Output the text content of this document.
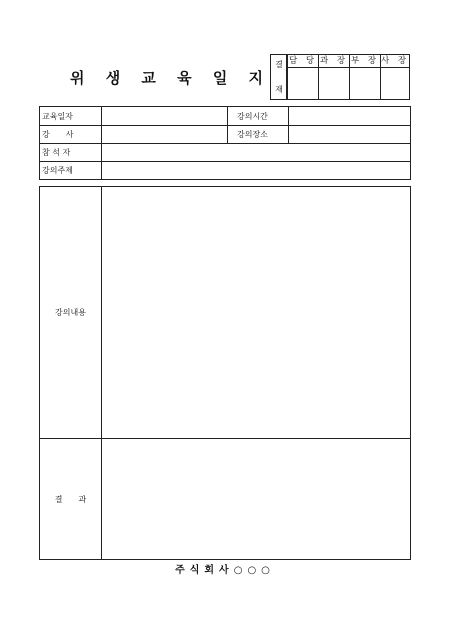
위 생 교 육 일 지
결
재
담 당 과 장 부 장 사 장
교육일자	강의시간
강　　사	강의장소
참 석 자
강의주제
강의내용
결　　과
주식회사○○○
